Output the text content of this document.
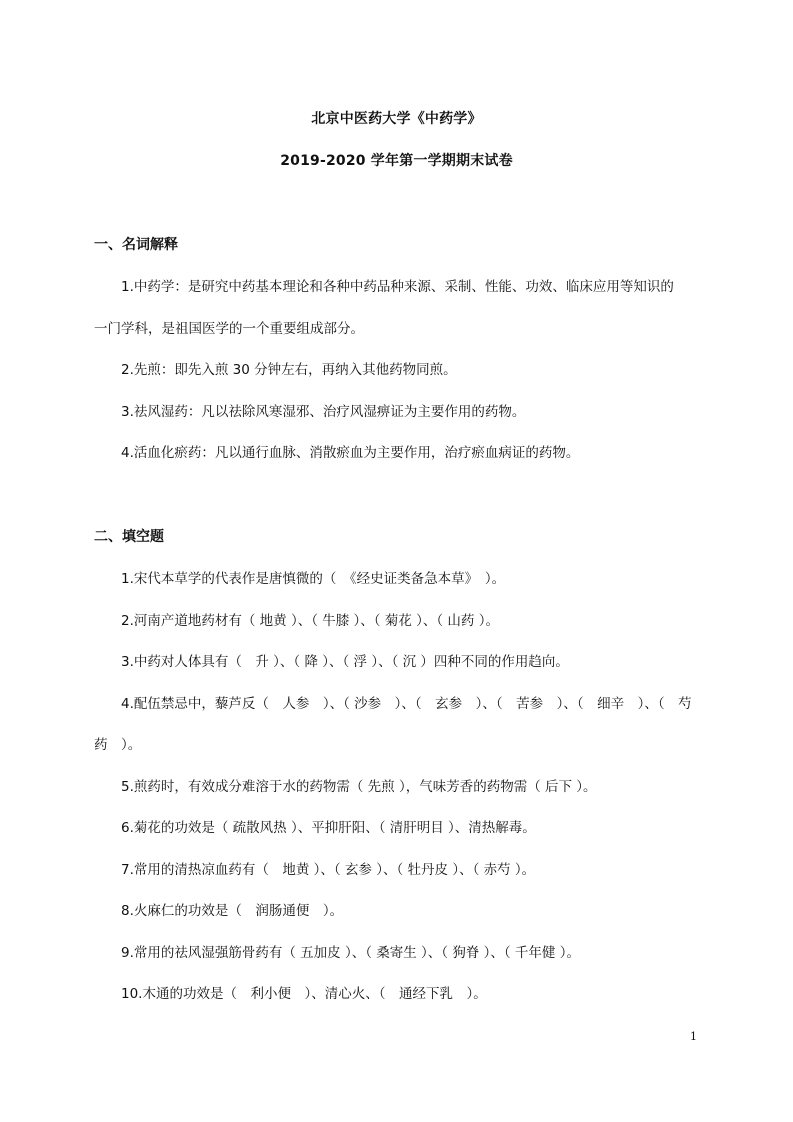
北京中医药大学《中药学》
2019-2020 学年第一学期期末试卷
一、名词解释
1.中药学：是研究中药基本理论和各种中药品种来源、采制、性能、功效、临床应用等知识的
一门学科，是祖国医学的一个重要组成部分。
2.先煎：即先入煎 30 分钟左右，再纳入其他药物同煎。
3.祛风湿药：凡以祛除风寒湿邪、治疗风湿痹证为主要作用的药物。
4.活血化瘀药：凡以通行血脉、消散瘀血为主要作用，治疗瘀血病证的药物。
二、填空题
1.宋代本草学的代表作是唐慎微的（　《经史证类备急本草》　）。
2.河南产道地药材有（ 地黄 ）、（ 牛膝 ）、（ 菊花 ）、（ 山药 ）。
3.中药对人体具有（　升 ）、（ 降 ）、（ 浮 ）、（ 沉 ）四种不同的作用趋向。
4.配伍禁忌中，藜芦反（　人参　）、（ 沙参　）、（　玄参　）、（　苦参　）、（　细辛　）、（　芍
药　）。
5.煎药时，有效成分难溶于水的药物需（ 先煎 ），气味芳香的药物需（ 后下 ）。
6.菊花的功效是（ 疏散风热 ）、平抑肝阳、（ 清肝明目 ）、清热解毒。
7.常用的清热凉血药有（　地黄 ）、（ 玄参 ）、（ 牡丹皮 ）、（ 赤芍 ）。
8.火麻仁的功效是（　润肠通便　）。
9.常用的祛风湿强筋骨药有（ 五加皮 ）、（ 桑寄生 ）、（ 狗脊 ）、（ 千年健 ）。
10.木通的功效是（　利小便　）、清心火、（　通经下乳　）。
1
